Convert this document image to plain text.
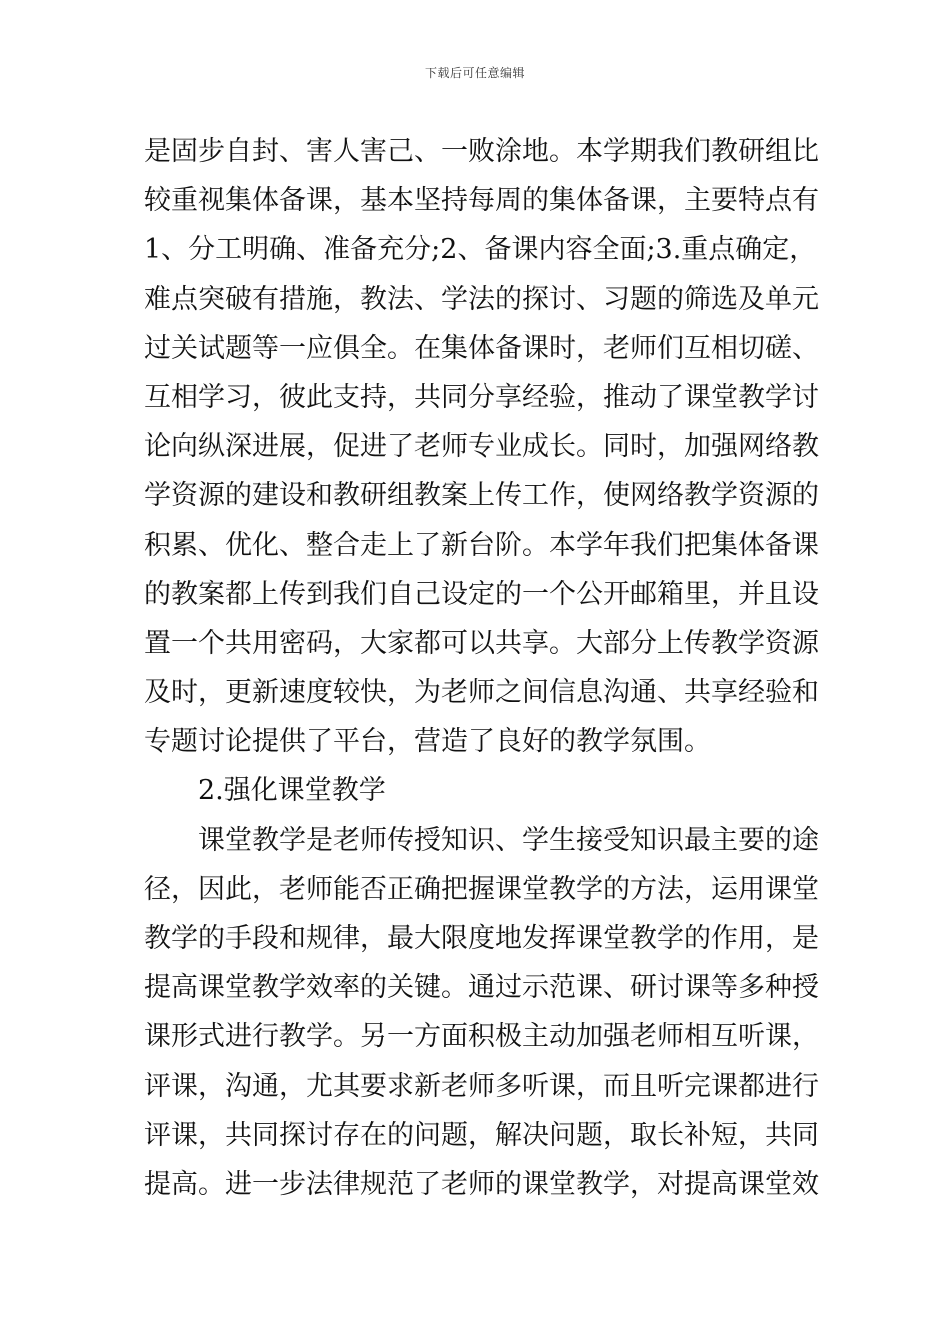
下载后可任意编辑
是固步自封、害人害己、一败涂地。本学期我们教研组比
较重视集体备课，基本坚持每周的集体备课，主要特点有
1、分工明确、准备充分;2、备课内容全面;3.重点确定，
难点突破有措施，教法、学法的探讨、习题的筛选及单元
过关试题等一应俱全。在集体备课时，老师们互相切磋、
互相学习，彼此支持，共同分享经验，推动了课堂教学讨
论向纵深进展，促进了老师专业成长。同时，加强网络教
学资源的建设和教研组教案上传工作，使网络教学资源的
积累、优化、整合走上了新台阶。本学年我们把集体备课
的教案都上传到我们自己设定的一个公开邮箱里，并且设
置一个共用密码，大家都可以共享。大部分上传教学资源
及时，更新速度较快，为老师之间信息沟通、共享经验和
专题讨论提供了平台，营造了良好的教学氛围。
2.强化课堂教学
课堂教学是老师传授知识、学生接受知识最主要的途
径，因此，老师能否正确把握课堂教学的方法，运用课堂
教学的手段和规律，最大限度地发挥课堂教学的作用，是
提高课堂教学效率的关键。通过示范课、研讨课等多种授
课形式进行教学。另一方面积极主动加强老师相互听课，
评课，沟通，尤其要求新老师多听课，而且听完课都进行
评课，共同探讨存在的问题，解决问题，取长补短，共同
提高。进一步法律规范了老师的课堂教学，对提高课堂效
